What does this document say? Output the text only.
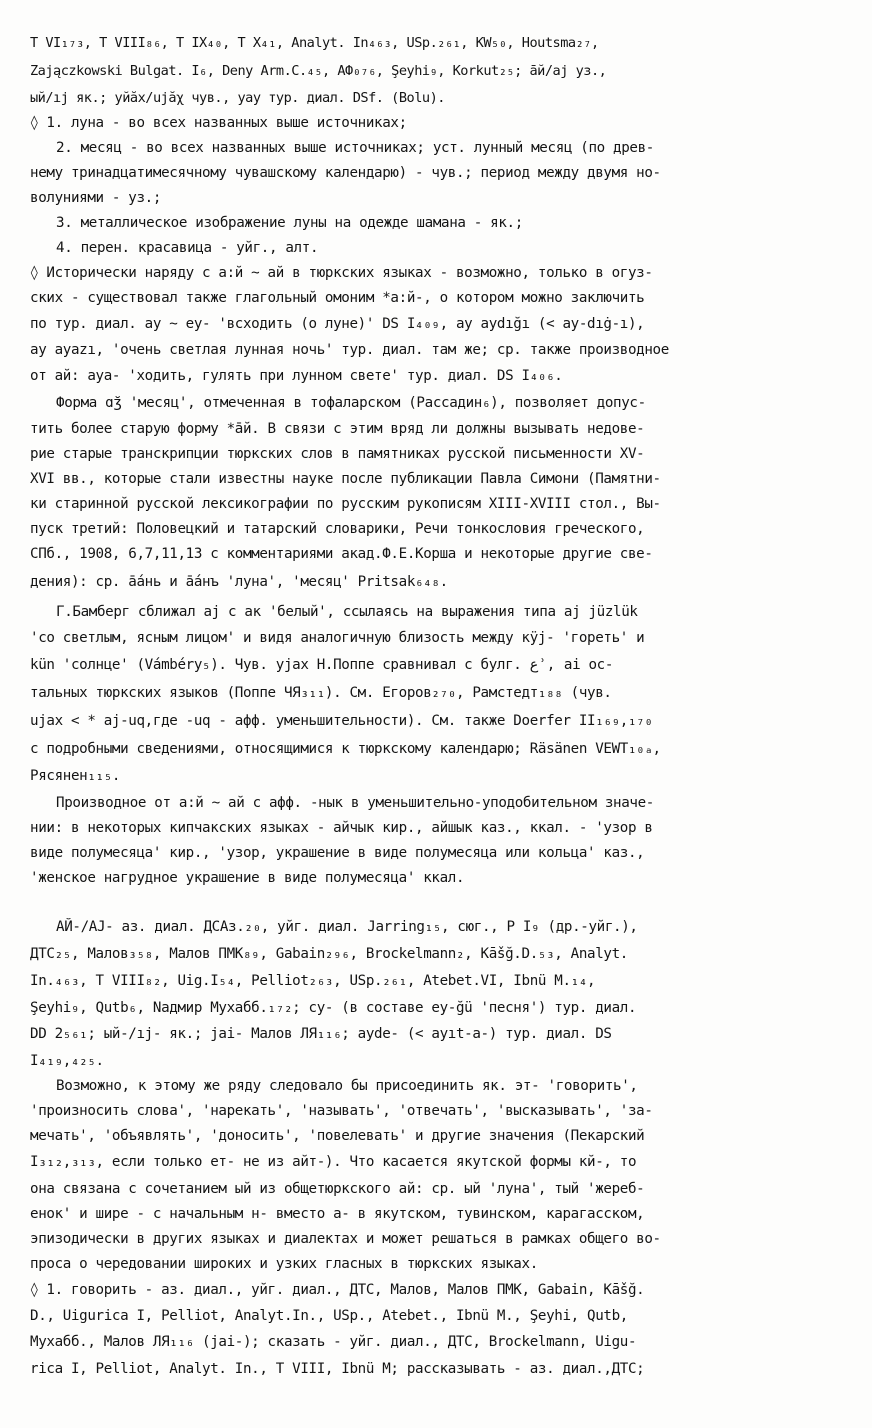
T VI₁₇₃, T VIII₈₆, T IX₄₀, T X₄₁, Analyt. In₄₆₃, USp.₂₆₁, KW₅₀, Houtsma₂₇,
Zajączkowski Bulgat. I₆, Deny Arm.C.₄₅, АФ₀₇₆, Şeyhi₉, Korkut₂₅; а̄й/ај уз.,
ый/ıj як.; уйӑх/ujӑχ чув., yay тур. диал. DSf. (Bolu).
◊ 1. луна - во всех названных выше источниках;
2. месяц - во всех названных выше источниках; уст. лунный месяц (по древ-
нему тринадцатимесячному чувашскому календарю) - чув.; период между двумя но-
волуниями - уз.;
3. металлическое изображение луны на одежде шамана - як.;
4. перен. красавица - уйг., алт.
◊ Исторически наряду с а:й ~ ай в тюркских языках - возможно, только в огуз-
ских - существовал также глагольный омоним *а:й-, о котором можно заключить
по тур. диал. ay ~ ey- 'всходить (о луне)' DS I₄₀₉, ay aydığı (< ay-dıġ-ı),
ay ayazı, 'очень светлая лунная ночь' тур. диал. там же; ср. также производное
от ай: aya- 'ходить, гулять при лунном свете' тур. диал. DS I₄₀₆.
Форма ɑʒ̆ 'месяц', отмеченная в тофаларском (Рассадин₆), позволяет допус-
тить более старую форму *а̄й. В связи с этим вряд ли должны вызывать недове-
рие старые транскрипции тюркских слов в памятниках русской письменности XV-
XVI вв., которые стали известны науке после публикации Павла Симони (Памятни-
ки старинной русской лексикографии по русским рукописям XIII-XVIII стол., Вы-
пуск третий: Половецкий и татарский словарики, Речи тонкословия греческого,
СПб., 1908, 6,7,11,13 с комментариями акад.Ф.Е.Корша и некоторые другие све-
дения): ср. а̄а́нь и а̄а́нъ 'луна', 'месяц' Pritsak₆₄₈.
Г.Бамберг сближал aj с ак 'белый', ссылаясь на выражения типа aj jüzlük
'со светлым, ясным лицом' и видя аналогичную близость между кӱј- 'гореть' и
kün 'солнце' (Vámbéry₅). Чув. ујах Н.Поппе сравнивал с булг. ع‎ʾ, ai ос-
тальных тюркских языков (Поппе ЧЯ₃₁₁). См. Егоров₂₇₀, Рамстедт₁₈₈ (чув.
ujах < * aj-uq,где -uq - афф. уменьшительности). См. также Doerfer II₁₆₉,₁₇₀
с подробными сведениями, относящимися к тюркскому календарю; Räsänen VEWT₁₀ₐ,
Рясянен₁₁₅.
Производное от а:й ~ ай с афф. -нык в уменьшительно-уподобительном значе-
нии: в некоторых кипчакских языках - айчык кир., айшык каз., ккал. - 'узор в
виде полумесяца' кир., 'узор, украшение в виде полумесяца или кольца' каз.,
'женское нагрудное украшение в виде полумесяца' ккал.
АЙ-/AJ- аз. диал. ДСАз.₂₀, уйг. диал. Jarring₁₅, сюг., Р I₉ (др.-уйг.),
ДТС₂₅, Малов₃₅₈, Малов ПМК₈₉, Gabain₂₉₆, Brockelmann₂, Kāšğ.D.₅₃, Analyt.
In.₄₆₃, T VIII₈₂, Uig.I₅₄, Pelliot₂₆₃, USp.₂₆₁, Atebet.VI, Ibnü M.₁₄,
Şeyhi₉, Qutb₆, Nадмир Мухабб.₁₇₂; су- (в составе еу-ğü 'песня') тур. диал.
DD 2₅₆₁; ый-/ıj- як.; jai- Малов ЛЯ₁₁₆; ayde- (< ayıt-a-) тур. диал. DS
I₄₁₉,₄₂₅.
Возможно, к этому же ряду следовало бы присоединить як. эт- 'говорить',
'произносить слова', 'нарекать', 'называть', 'отвечать', 'высказывать', 'за-
мечать', 'объявлять', 'доносить', 'повелевать' и другие значения (Пекарский
I₃₁₂,₃₁₃, если только ет- не из айт-). Что касается якутской формы кй-, то
она связана с сочетанием ый из общетюркского ай: ср. ый 'луна', тый 'жереб-
енок' и шире - с начальным н- вместо а- в якутском, тувинском, карагасском,
эпизодически в других языках и диалектах и может решаться в рамках общего во-
проса о чередовании широких и узких гласных в тюркских языках.
◊ 1. говорить - аз. диал., уйг. диал., ДТС, Малов, Малов ПМК, Gabain, Kāšğ.
D., Uigurica I, Pelliot, Analyt.In., USp., Atebet., Ibnü M., Şeyhi, Qutb,
Мухабб., Малов ЛЯ₁₁₆ (jai-); сказать - уйг. диал., ДТС, Brockelmann, Uigu-
rica I, Pelliot, Analyt. In., T VIII, Ibnü M; рассказывать - аз. диал.,ДТС;
